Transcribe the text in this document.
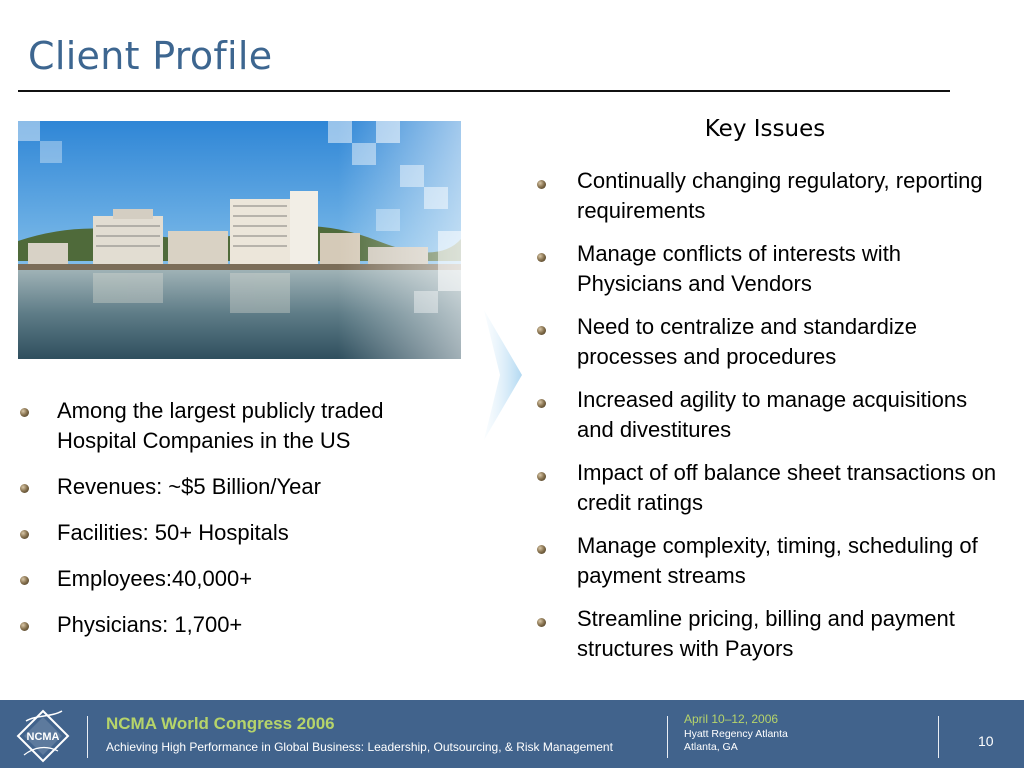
Client Profile
Among the largest publicly traded Hospital Companies in the US
Revenues: ~$5 Billion/Year
Facilities: 50+ Hospitals
Employees:40,000+
Physicians: 1,700+
Key Issues
Continually changing regulatory, reporting requirements
Manage conflicts of interests with Physicians and Vendors
Need to centralize and standardize processes and procedures
Increased agility to manage acquisitions and divestitures
Impact of off balance sheet transactions on credit ratings
Manage complexity, timing, scheduling of payment streams
Streamline pricing, billing and payment structures with Payors
NCMA
NCMA World Congress 2006
Achieving High Performance in Global Business: Leadership, Outsourcing, & Risk Management
April 10–12, 2006
Hyatt Regency Atlanta
Atlanta, GA	10
